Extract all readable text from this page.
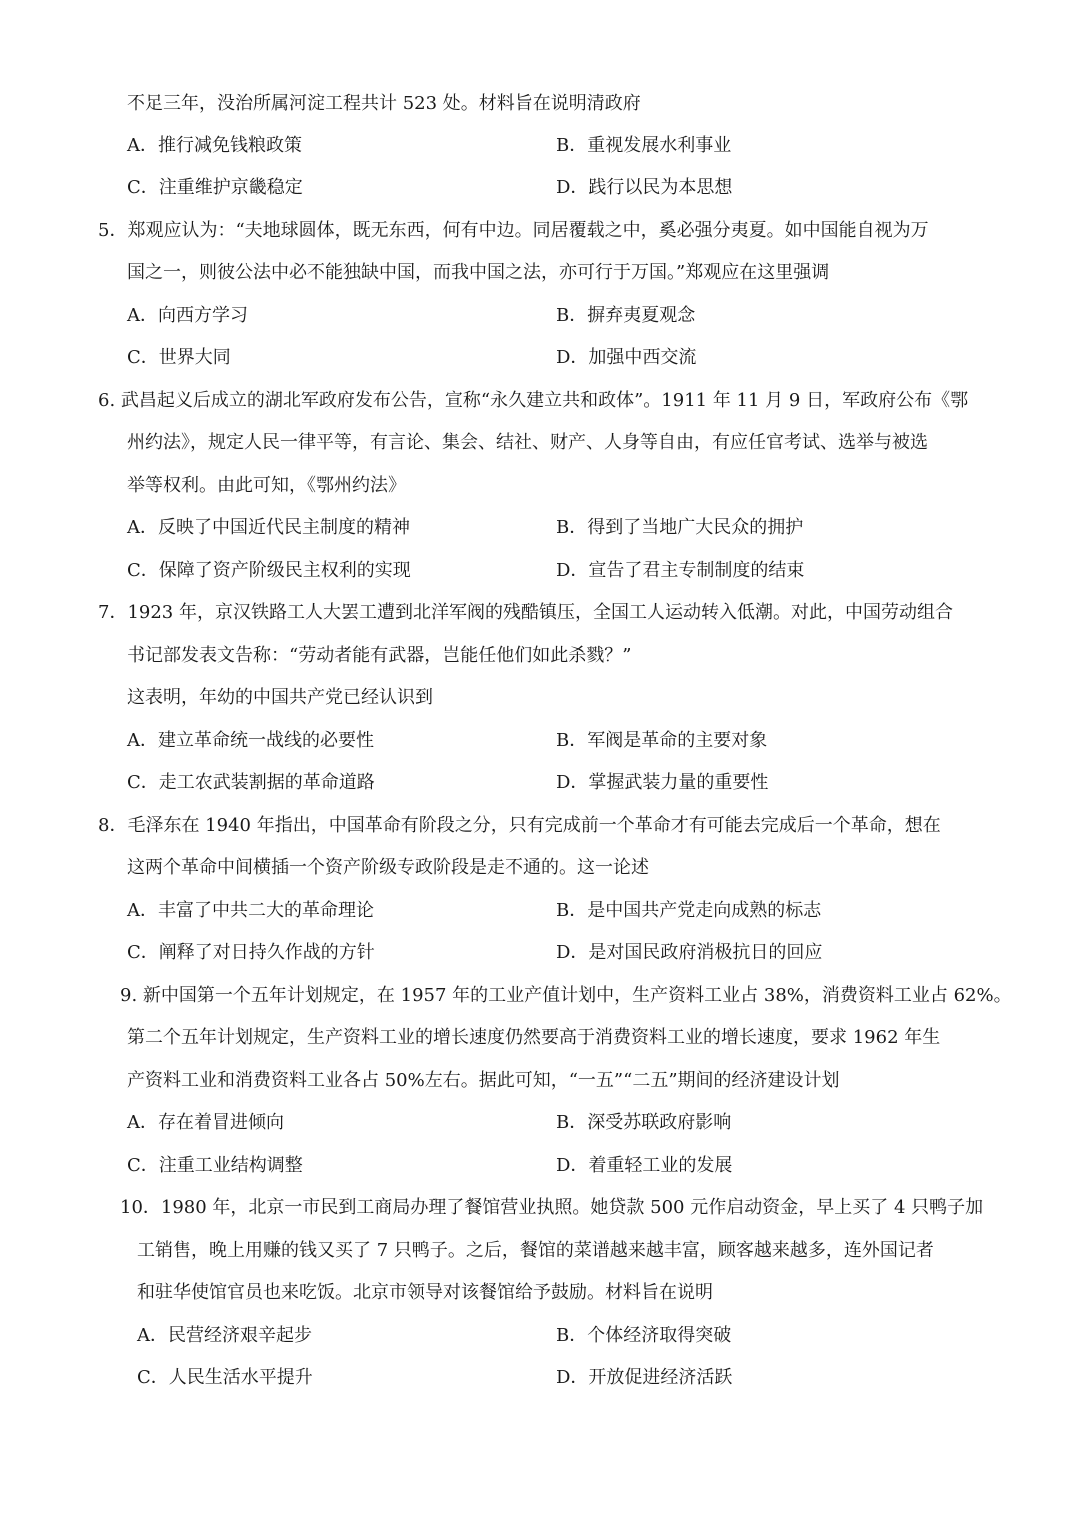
不足三年，没治所属河淀工程共计 523 处。材料旨在说明清政府
A．推行减免钱粮政策	B．重视发展水利事业
C．注重维护京畿稳定	D．践行以民为本思想
5．郑观应认为：“夫地球圆体，既无东西，何有中边。同居覆载之中，奚必强分夷夏。如中国能自视为万
国之一，则彼公法中必不能独缺中国，而我中国之法，亦可行于万国。”郑观应在这里强调
A．向西方学习	B．摒弃夷夏观念
C．世界大同	D．加强中西交流
6. 武昌起义后成立的湖北军政府发布公告，宣称“永久建立共和政体”。1911 年 11 月 9 日，军政府公布《鄂
州约法》，规定人民一律平等，有言论、集会、结社、财产、人身等自由，有应任官考试、选举与被选
举等权利。由此可知，《鄂州约法》
A．反映了中国近代民主制度的精神	B．得到了当地广大民众的拥护
C．保障了资产阶级民主权利的实现	D．宣告了君主专制制度的结束
7．1923 年，京汉铁路工人大罢工遭到北洋军阀的残酷镇压，全国工人运动转入低潮。对此，中国劳动组合
书记部发表文告称：“劳动者能有武器，岂能任他们如此杀戮？”
这表明，年幼的中国共产党已经认识到
A．建立革命统一战线的必要性	B．军阀是革命的主要对象
C．走工农武装割据的革命道路	D．掌握武装力量的重要性
8．毛泽东在 1940 年指出，中国革命有阶段之分，只有完成前一个革命才有可能去完成后一个革命，想在
这两个革命中间横插一个资产阶级专政阶段是走不通的。这一论述
A．丰富了中共二大的革命理论	B．是中国共产党走向成熟的标志
C．阐释了对日持久作战的方针	D．是对国民政府消极抗日的回应
9. 新中国第一个五年计划规定，在 1957 年的工业产值计划中，生产资料工业占 38%，消费资料工业占 62%。
第二个五年计划规定，生产资料工业的增长速度仍然要高于消费资料工业的增长速度，要求 1962 年生
产资料工业和消费资料工业各占 50%左右。据此可知，“一五”“二五”期间的经济建设计划
A．存在着冒进倾向	B．深受苏联政府影响
C．注重工业结构调整	D．着重轻工业的发展
10．1980 年，北京一市民到工商局办理了餐馆营业执照。她贷款 500 元作启动资金，早上买了 4 只鸭子加
工销售，晚上用赚的钱又买了 7 只鸭子。之后，餐馆的菜谱越来越丰富，顾客越来越多，连外国记者
和驻华使馆官员也来吃饭。北京市领导对该餐馆给予鼓励。材料旨在说明
A．民营经济艰辛起步	B．个体经济取得突破
C．人民生活水平提升	D．开放促进经济活跃
